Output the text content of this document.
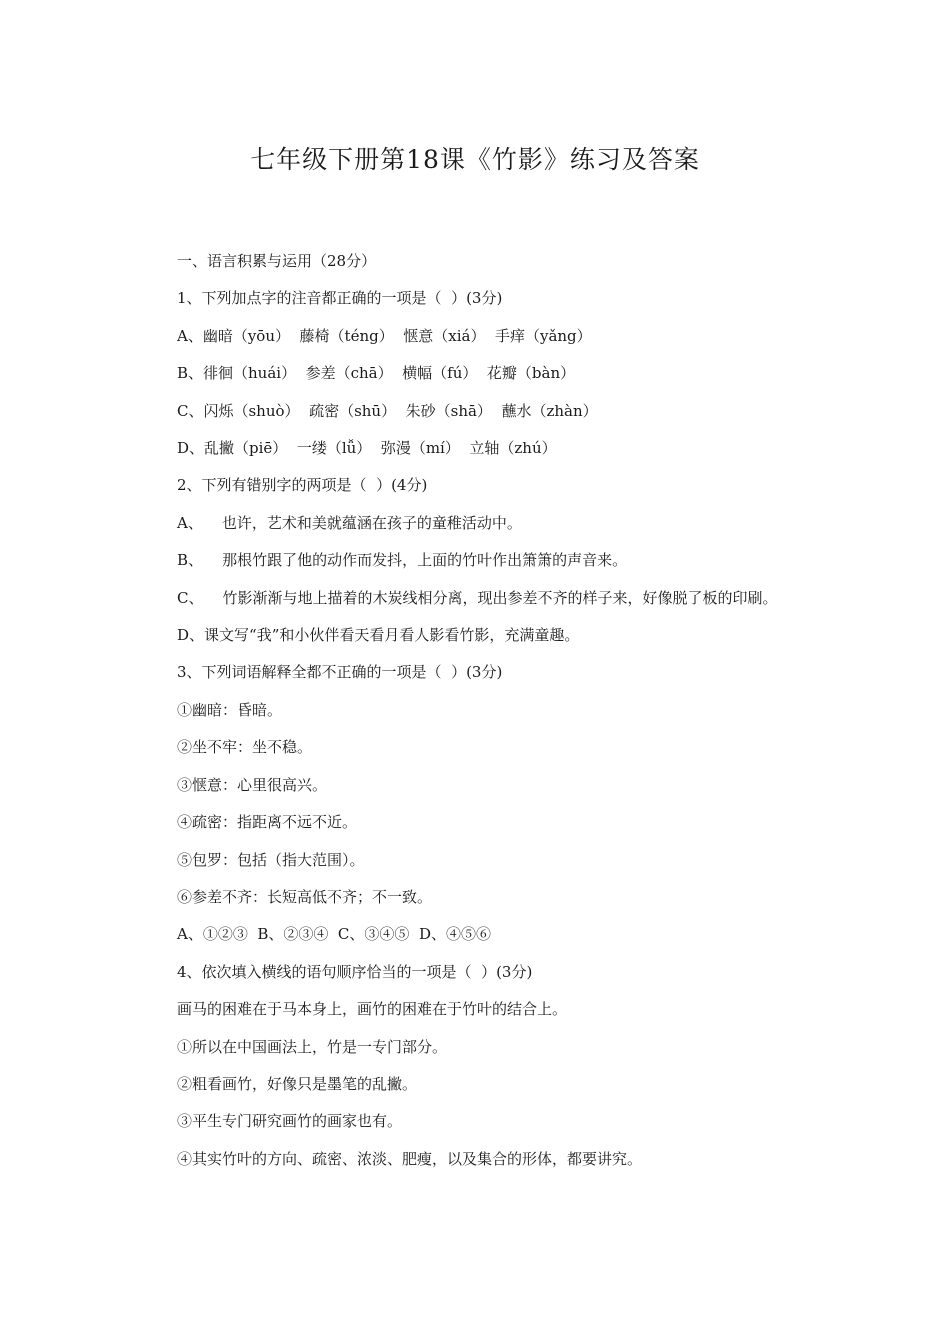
七年级下册第18课《竹影》练习及答案

一、语言积累与运用（28分）

1、下列加点字的注音都正确的一项是（  ）(3分)

A、幽暗（yōu）  藤椅（téng）  惬意（xiá）  手痒（yǎng）

B、徘徊（huái）  参差（chā）  横幅（fú）  花瓣（bàn）

C、闪烁（shuò）  疏密（shū）  朱砂（shā）  蘸水（zhàn）

D、乱撇（piē）  一缕（lǚ）  弥漫（mí）  立轴（zhú）

2、下列有错别字的两项是（  ）(4分)

A、    也许，艺术和美就蕴涵在孩子的童稚活动中。

B、    那根竹跟了他的动作而发抖，上面的竹叶作出箫箫的声音来。

C、    竹影渐渐与地上描着的木炭线相分离，现出参差不齐的样子来，好像脱了板的印刷。

D、课文写“我”和小伙伴看天看月看人影看竹影，充满童趣。

3、下列词语解释全都不正确的一项是（  ）(3分)

①幽暗：昏暗。

②坐不牢：坐不稳。

③惬意：心里很高兴。

④疏密：指距离不远不近。

⑤包罗：包括（指大范围）。

⑥参差不齐：长短高低不齐；不一致。

A、①②③  B、②③④  C、③④⑤  D、④⑤⑥

4、依次填入横线的语句顺序恰当的一项是（  ）(3分)

画马的困难在于马本身上，画竹的困难在于竹叶的结合上。

①所以在中国画法上，竹是一专门部分。

②粗看画竹，好像只是墨笔的乱撇。

③平生专门研究画竹的画家也有。

④其实竹叶的方向、疏密、浓淡、肥瘦，以及集合的形体，都要讲究。
